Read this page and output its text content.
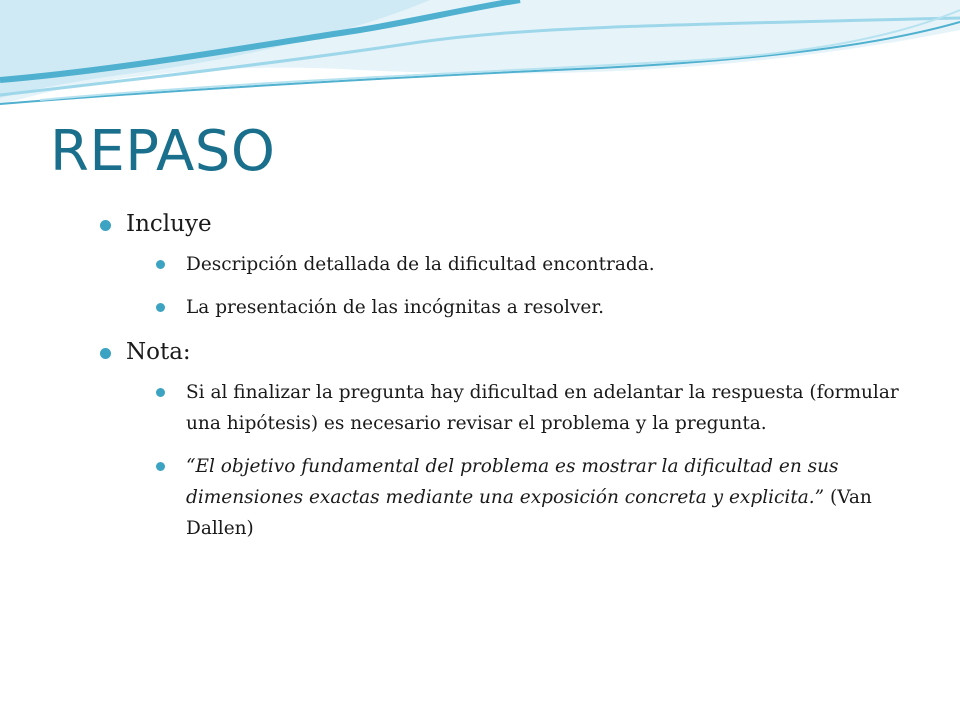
REPASO
Incluye
Descripción detallada de la dificultad encontrada.
La presentación de las incógnitas a resolver.
Nota:
Si al finalizar la pregunta hay dificultad en adelantar la respuesta (formular una hipótesis) es necesario revisar el problema y la pregunta.
“El objetivo fundamental del problema es mostrar la dificultad en sus dimensiones exactas mediante una exposición concreta y explicita.” (Van Dallen)
